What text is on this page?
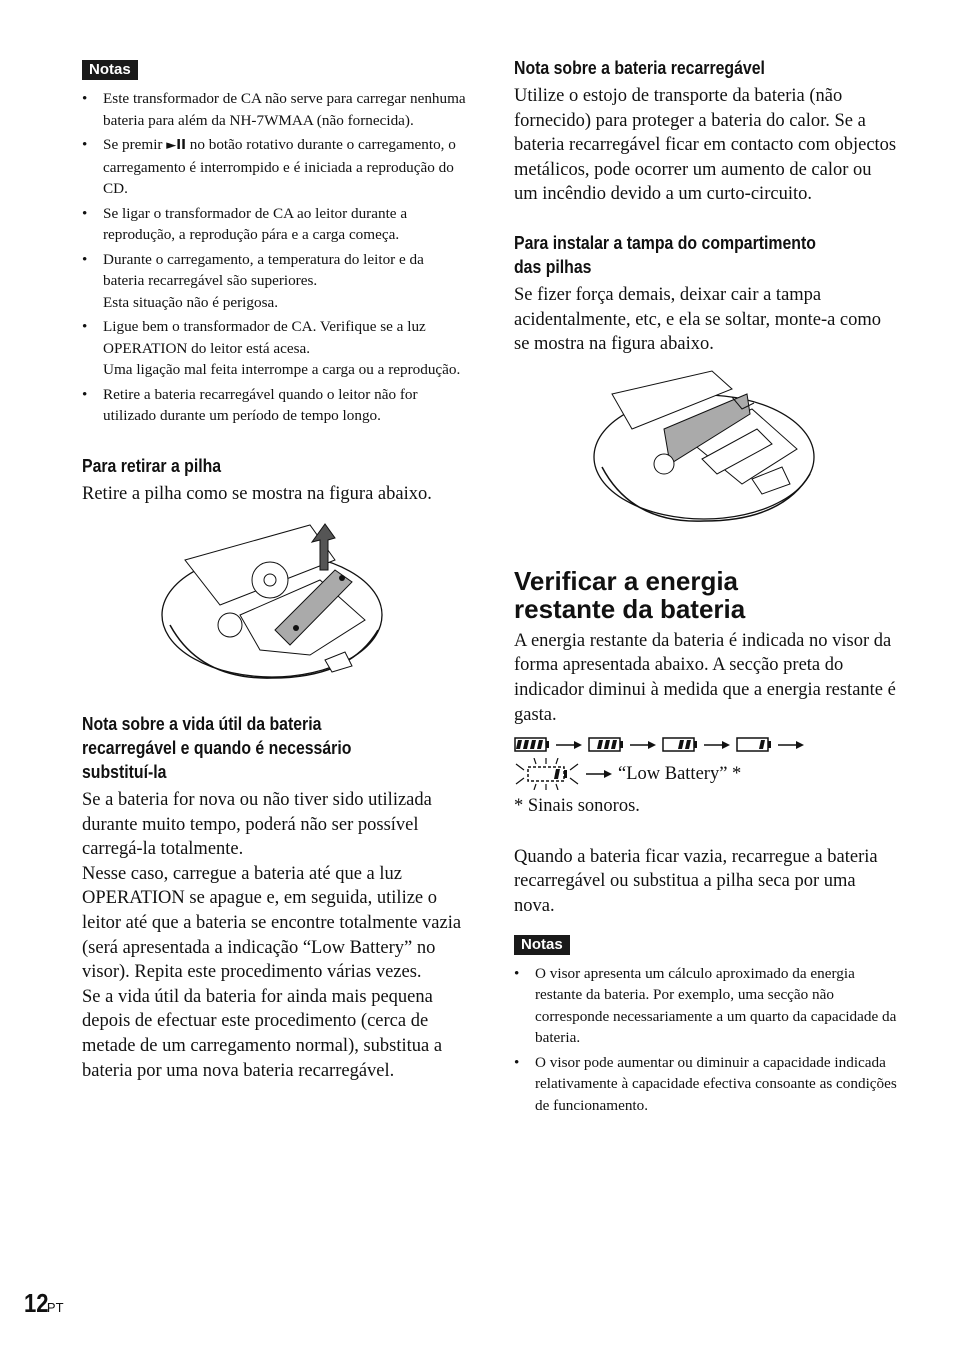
Notas
• Este transformador de CA não serve para carregar nenhuma bateria para além da NH-7WMAA (não fornecida).
• Se premir ►II no botão rotativo durante o carregamento, o carregamento é interrompido e é iniciada a reprodução do CD.
• Se ligar o transformador de CA ao leitor durante a reprodução, a reprodução pára e a carga começa.
• Durante o carregamento, a temperatura do leitor e da bateria recarregável são superiores.
Esta situação não é perigosa.
• Ligue bem o transformador de CA. Verifique se a luz OPERATION do leitor está acesa.
Uma ligação mal feita interrompe a carga ou a reprodução.
• Retire a bateria recarregável quando o leitor não for utilizado durante um período de tempo longo.
Para retirar a pilha
Retire a pilha como se mostra na figura abaixo.
Nota sobre a vida útil da bateria
recarregável e quando é necessário
substituí-la
Se a bateria for nova ou não tiver sido utilizada durante muito tempo, poderá não ser possível carregá-la totalmente.
Nesse caso, carregue a bateria até que a luz OPERATION se apague e, em seguida, utilize o leitor até que a bateria se encontre totalmente vazia (será apresentada a indicação “Low Battery” no visor). Repita este procedimento várias vezes.
Se a vida útil da bateria for ainda mais pequena depois de efectuar este procedimento (cerca de metade de um carregamento normal), substitua a bateria por uma nova bateria recarregável.
Nota sobre a bateria recarregável
Utilize o estojo de transporte da bateria (não fornecido) para proteger a bateria do calor. Se a bateria recarregável ficar em contacto com objectos metálicos, pode ocorrer um aumento de calor ou um incêndio devido a um curto-circuito.
Para instalar a tampa do compartimento
das pilhas
Se fizer força demais, deixar cair a tampa acidentalmente, etc, e ela se soltar, monte-a como se mostra na figura abaixo.
Verificar a energia
restante da bateria
A energia restante da bateria é indicada no visor da forma apresentada abaixo. A secção preta do indicador diminui à medida que a energia restante é gasta.
“Low Battery” *
* Sinais sonoros.
Quando a bateria ficar vazia, recarregue a bateria recarregável ou substitua a pilha seca por uma nova.
Notas
• O visor apresenta um cálculo aproximado da energia restante da bateria. Por exemplo, uma secção não corresponde necessariamente a um quarto da capacidade da bateria.
• O visor pode aumentar ou diminuir a capacidade indicada relativamente à capacidade efectiva consoante as condições de funcionamento.
12PT
